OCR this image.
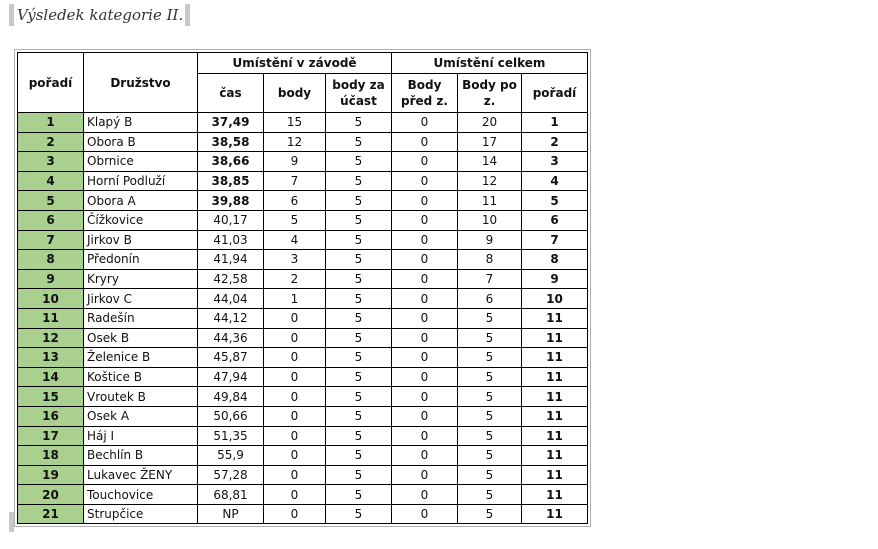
Výsledek kategorie II.
pořadí	Družstvo	Umístění v závodě			Umístění celkem		
		čas	body	body za účast	Body před z.	Body po z.	pořadí
1	Klapý B	37,49	15	5	0	20	1
2	Obora B	38,58	12	5	0	17	2
3	Obrnice	38,66	9	5	0	14	3
4	Horní Podluží	38,85	7	5	0	12	4
5	Obora A	39,88	6	5	0	11	5
6	Čížkovice	40,17	5	5	0	10	6
7	Jirkov B	41,03	4	5	0	9	7
8	Předonín	41,94	3	5	0	8	8
9	Kryry	42,58	2	5	0	7	9
10	Jirkov C	44,04	1	5	0	6	10
11	Radešín	44,12	0	5	0	5	11
12	Osek B	44,36	0	5	0	5	11
13	Želenice B	45,87	0	5	0	5	11
14	Koštice B	47,94	0	5	0	5	11
15	Vroutek B	49,84	0	5	0	5	11
16	Osek A	50,66	0	5	0	5	11
17	Háj I	51,35	0	5	0	5	11
18	Bechlín B	55,9	0	5	0	5	11
19	Lukavec ŽENY	57,28	0	5	0	5	11
20	Touchovice	68,81	0	5	0	5	11
21	Strupčice	NP	0	5	0	5	11
